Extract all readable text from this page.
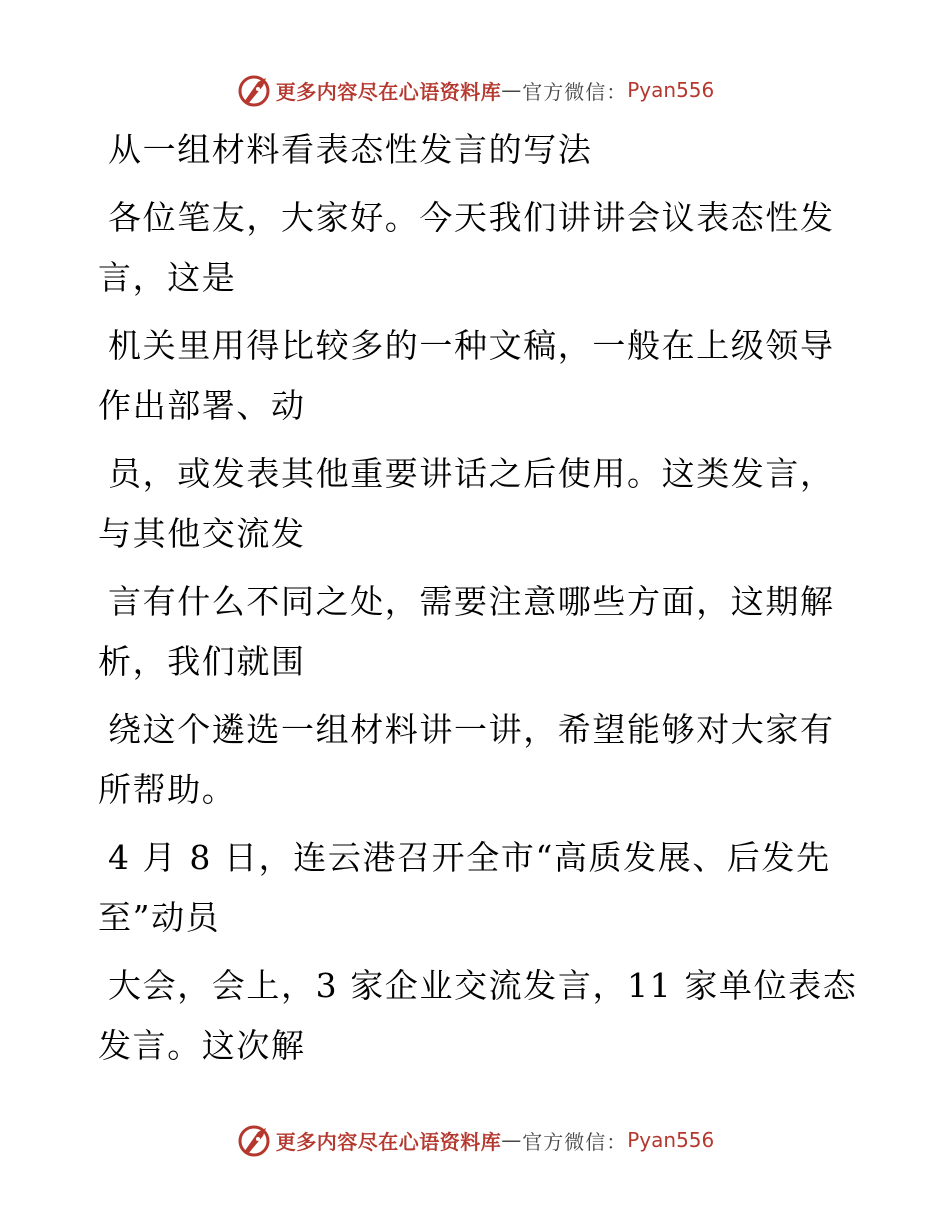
更多内容尽在心语资料库 — 官方微信： Pyan556

从一组材料看表态性发言的写法

各位笔友，大家好。今天我们讲讲会议表态性发
言，这是

机关里用得比较多的一种文稿，一般在上级领导
作出部署、动

员，或发表其他重要讲话之后使用。这类发言，
与其他交流发

言有什么不同之处，需要注意哪些方面，这期解
析，我们就围

绕这个遴选一组材料讲一讲，希望能够对大家有
所帮助。

4 月 8 日，连云港召开全市“高质发展、后发先
至”动员

大会，会上，3 家企业交流发言，11 家单位表态
发言。这次解

更多内容尽在心语资料库 — 官方微信： Pyan556
